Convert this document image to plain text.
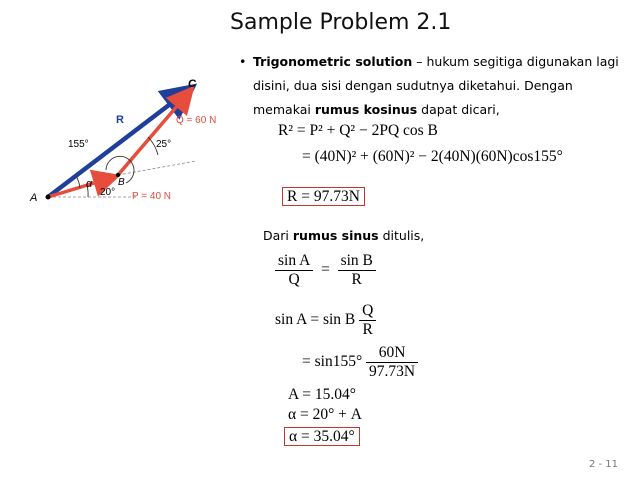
Sample Problem 2.1
C
R	Q = 60 N
155°	25°
B
A
α
20° P = 40 N
• Trigonometric solution – hukum segitiga digunakan lagi disini, dua sisi dengan sudutnya diketahui. Dengan memakai rumus kosinus dapat dicari,
R² = P² + Q² − 2PQ cos B
= (40N)² + (60N)² − 2(40N)(60N)cos155°
R = 97.73N
Dari rumus sinus ditulis,
$\frac{\text{sin A}}{Q} = \frac{\text{sin B}}{R}$
sin A = sin B $\frac{Q}{R}$
= $\sin 155^\circ \frac{60N}{97.73N}$
A = 15.04°
α = 20° + A
α = 35.04°
2 - 11
